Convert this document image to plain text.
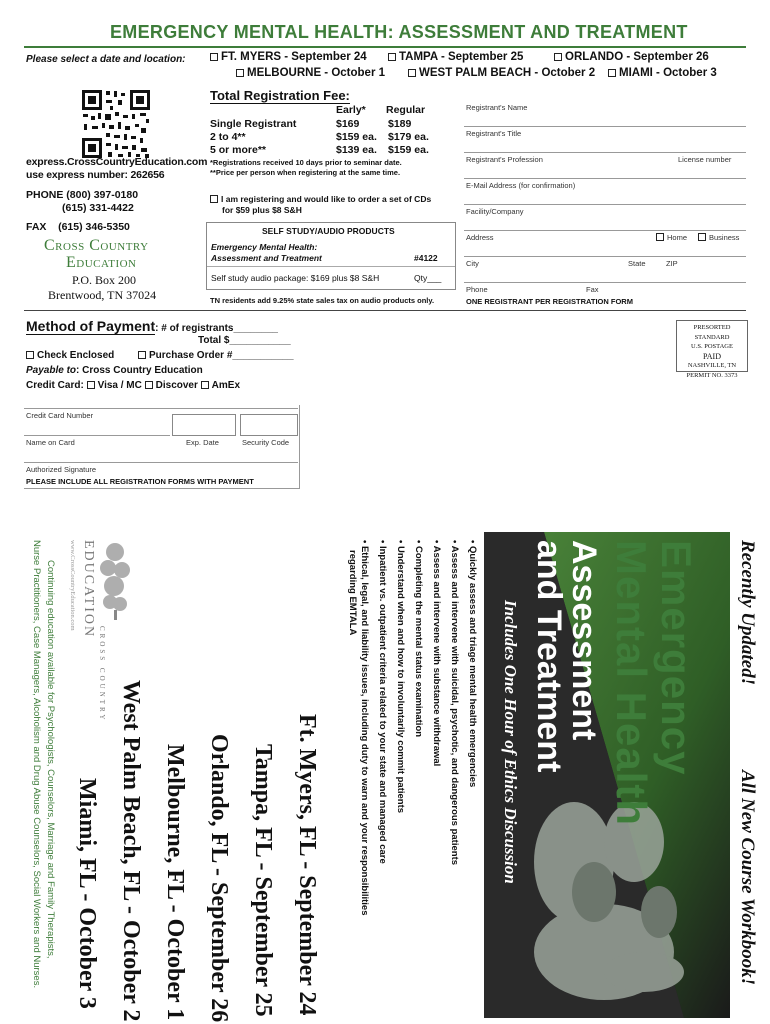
EMERGENCY MENTAL HEALTH: ASSESSMENT AND TREATMENT
Please select a date and location:	FT. MYERS - September 24	TAMPA - September 25	ORLANDO - September 26
MELBOURNE - October 1	WEST PALM BEACH - October 2	MIAMI - October 3
express.CrossCountryEducation.com
use express number: 262656
PHONE (800) 397-0180
(615) 331-4422
FAX (615) 346-5350
Cross Country
Education
P.O. Box 200
Brentwood, TN 37024
Total Registration Fee:
Early* Regular
Single Registrant	$169	$189
2 to 4**	$159 ea. $179 ea.
5 or more**	$139 ea. $159 ea.
*Registrations received 10 days prior to seminar date.
**Price per person when registering at the same time.
I am registering and would like to order a set of CDs
for $59 plus $8 S&H
SELF STUDY/AUDIO PRODUCTS
Emergency Mental Health:
Assessment and Treatment	#4122
Self study audio package: $169 plus $8 S&H	Qty___
TN residents add 9.25% state sales tax on audio products only.
Registrant's Name
Registrant's Title
Registrant's Profession	License number
E-Mail Address (for confirmation)
Facility/Company
Address	Home	Business
City	State	ZIP
Phone	Fax
ONE REGISTRANT PER REGISTRATION FORM
Method of Payment: # of registrants________
Total $___________
Check Enclosed	Purchase Order #___________
Payable to: Cross Country Education
Credit Card: Visa / MC Discover AmEx
Credit Card Number
Name on Card	Exp. Date	Security Code
Authorized Signature
PLEASE INCLUDE ALL REGISTRATION FORMS WITH PAYMENT
PRESORTED STANDARD
U.S. POSTAGE
PAID
NASHVILLE, TN
PERMIT NO. 3373
Recently Updated!
All New Course Workbook!
Emergency
Mental Health
Assessment
and Treatment
Includes One Hour of Ethics Discussion
• Quickly assess and triage mental health emergencies
• Assess and intervene with suicidal, psychotic, and dangerous patients
• Assess and intervene with substance withdrawal
• Completing the mental status examination
• Understand when and how to involuntarily commit patients
• Inpatient vs. outpatient criteria related to your state and managed care
• Ethical, legal, and liability issues, including duty to warn and your responsibilities
regarding EMTALA
Ft. Myers, FL - September 24
Tampa, FL - September 25
Orlando, FL - September 26
Melbourne, FL - October 1
West Palm Beach, FL - October 2
Miami, FL - October 3
CROSS COUNTRY
EDUCATION
www.CrossCountryEducation.com
Continuing education available for Psychologists, Counselors, Marriage and Family Therapists,
Nurse Practitioners, Case Managers, Alcoholism and Drug Abuse Counselors, Social Workers and Nurses.
